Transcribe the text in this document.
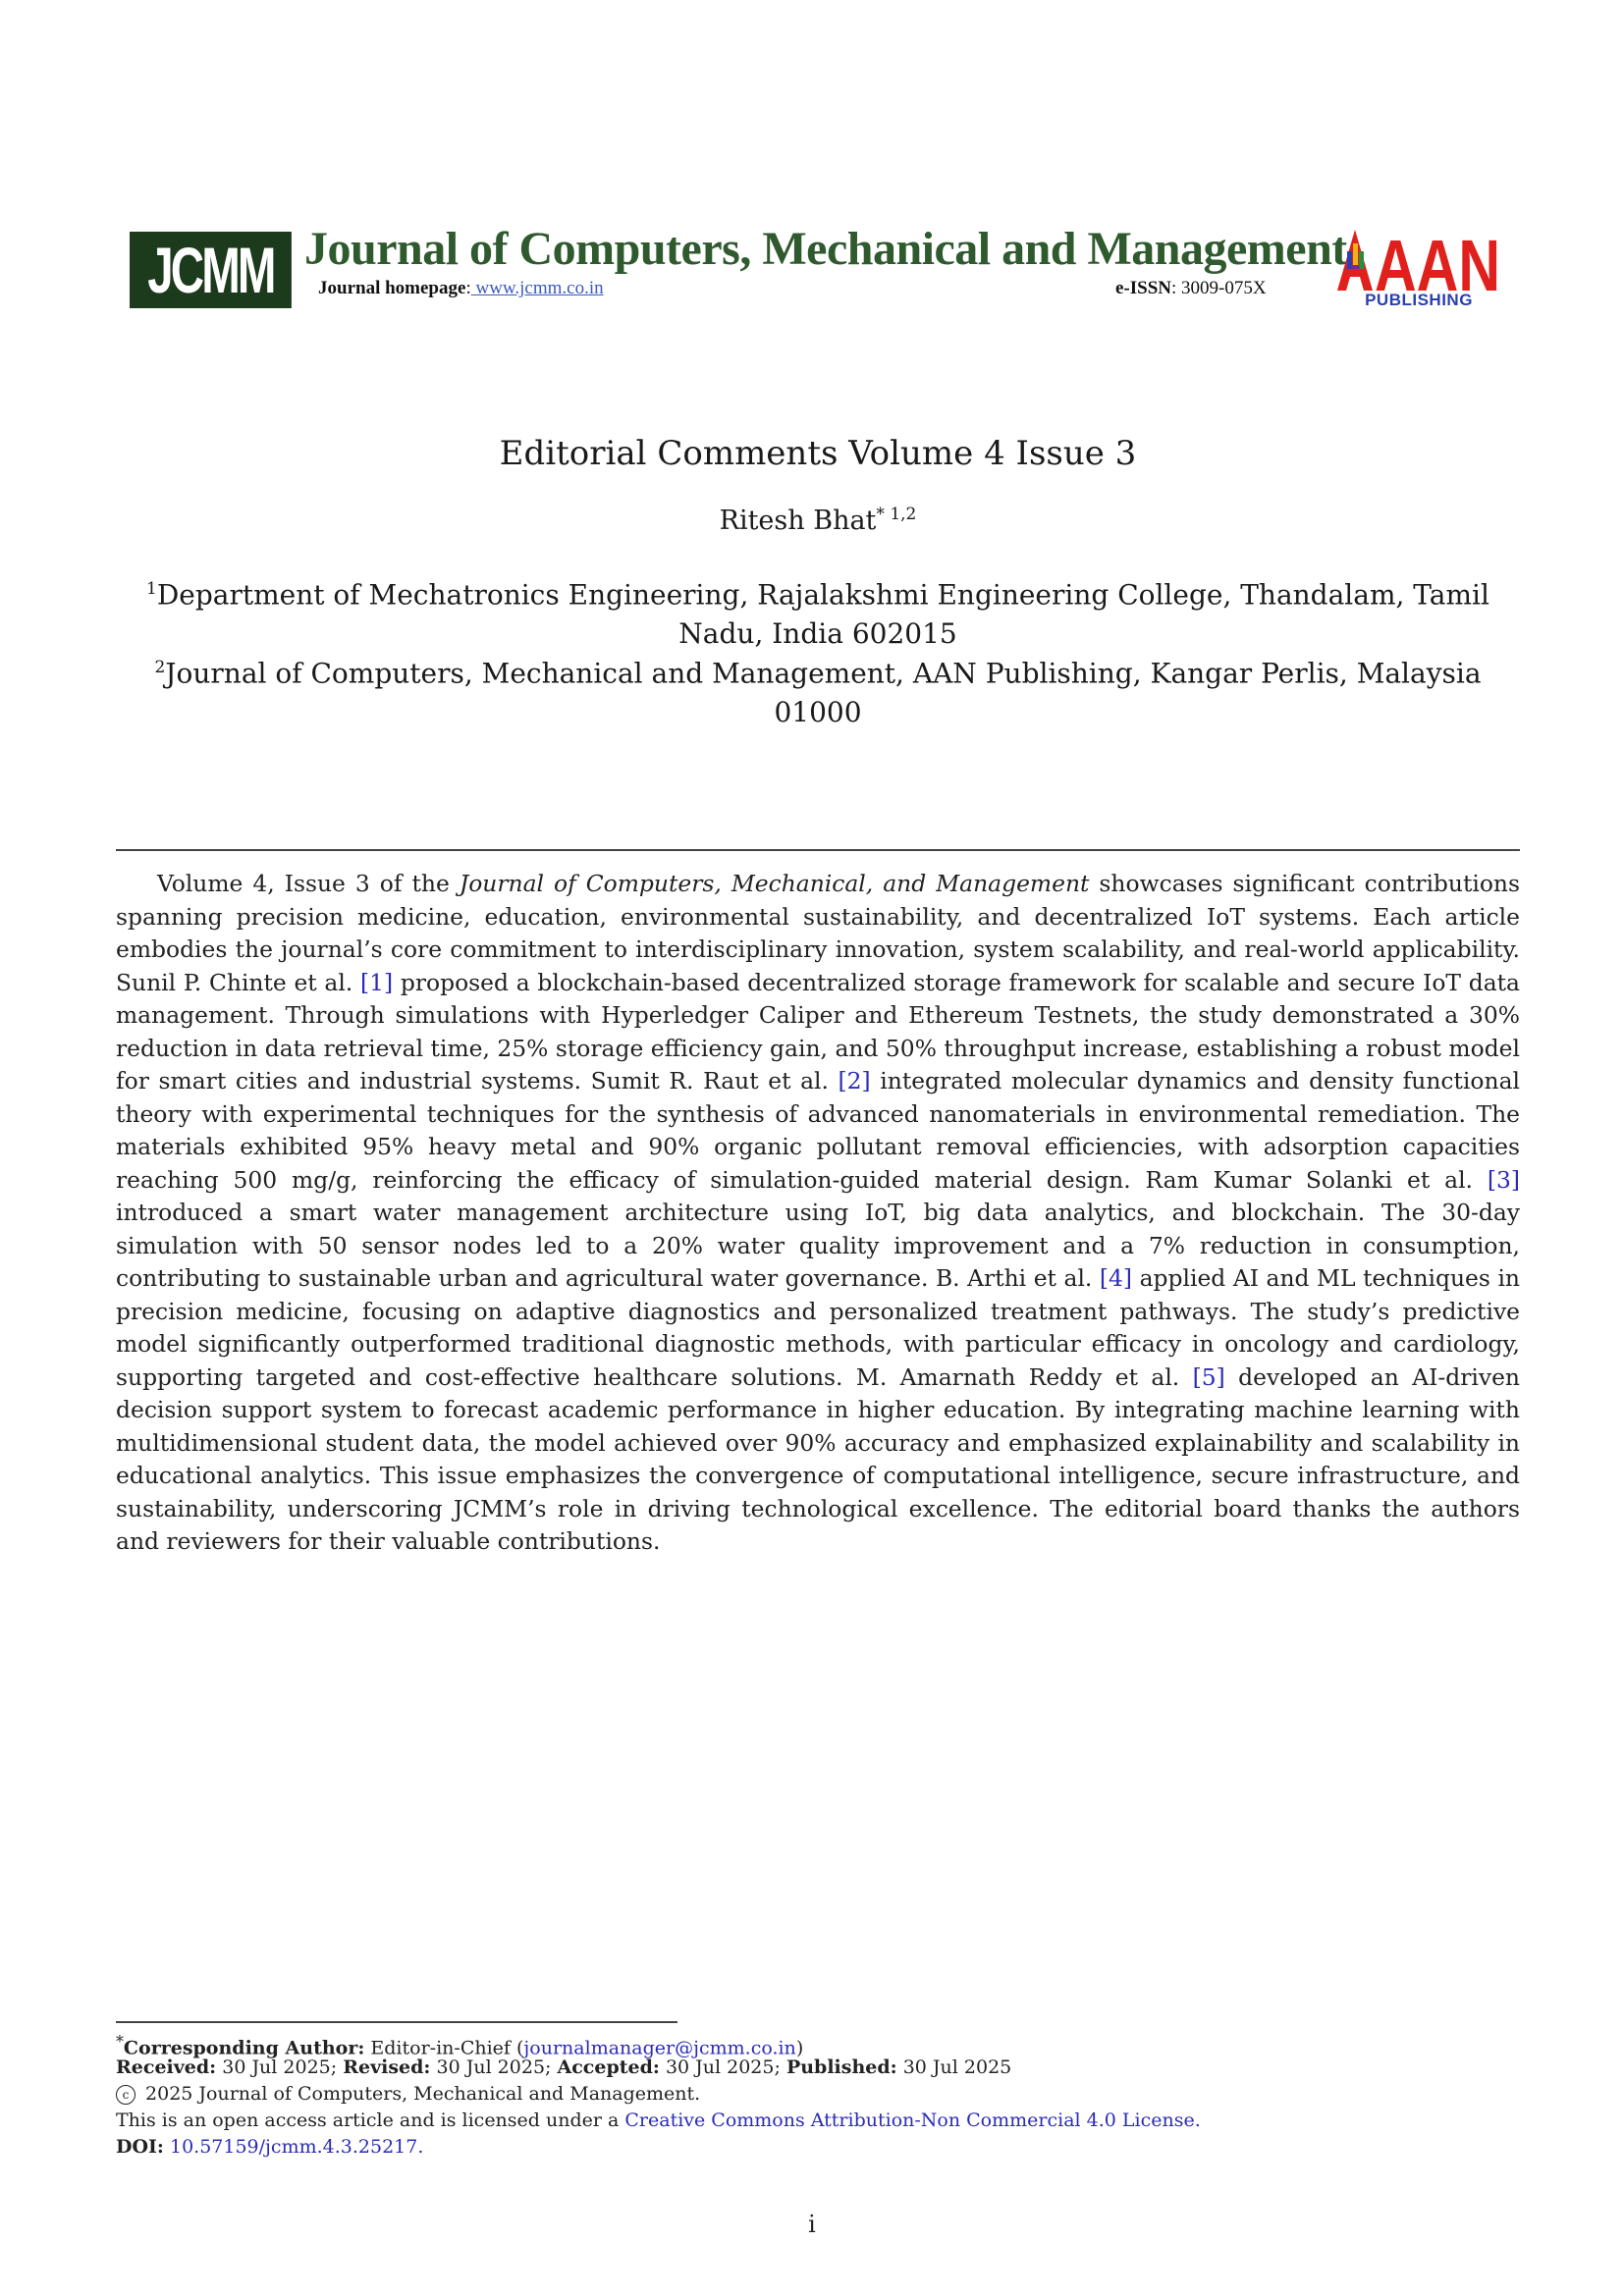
JCMM Journal of Computers, Mechanical and Management
Journal homepage: www.jcmm.co.in	e-ISSN: 3009-075X AAN
PUBLISHING
Editorial Comments Volume 4 Issue 3
Ritesh Bhat$^{* 1,2}$
$^1$Department of Mechatronics Engineering, Rajalakshmi Engineering College, Thandalam, Tamil Nadu, India 602015
$^2$Journal of Computers, Mechanical and Management, AAN Publishing, Kangar Perlis, Malaysia 01000

Volume 4, Issue 3 of the Journal of Computers, Mechanical, and Management showcases significant contributions spanning precision medicine, education, environmental sustainability, and decentralized IoT systems. Each article embodies the journal’s core commitment to interdisciplinary innovation, system scalability, and real-world applicability. Sunil P. Chinte et al. [1] proposed a blockchain-based decentralized storage framework for scalable and secure IoT data management. Through simulations with Hyperledger Caliper and Ethereum Testnets, the study demonstrated a 30% reduction in data retrieval time, 25% storage efficiency gain, and 50% throughput increase, establishing a robust model for smart cities and industrial systems. Sumit R. Raut et al. [2] integrated molecular dynamics and density functional theory with experimental techniques for the synthesis of advanced nanomaterials in environmental remediation. The materials exhibited 95% heavy metal and 90% organic pollutant removal efficiencies, with adsorption capacities reaching 500 mg/g, reinforcing the efficacy of simulation-guided material design. Ram Kumar Solanki et al. [3] introduced a smart water management architecture using IoT, big data analytics, and blockchain. The 30-day simulation with 50 sensor nodes led to a 20% water quality improvement and a 7% reduction in consumption, contributing to sustainable urban and agricultural water governance. B. Arthi et al. [4] applied AI and ML techniques in precision medicine, focusing on adaptive diagnostics and personalized treatment pathways. The study’s predictive model significantly outperformed traditional diagnostic methods, with particular efficacy in oncology and cardiology, supporting targeted and cost-effective healthcare solutions. M. Amarnath Reddy et al. [5] developed an AI-driven decision support system to forecast academic performance in higher education. By integrating machine learning with multidimensional student data, the model achieved over 90% accuracy and emphasized explainability and scalability in educational analytics. This issue emphasizes the convergence of computational intelligence, secure infrastructure, and sustainability, underscoring JCMM’s role in driving technological excellence. The editorial board thanks the authors and reviewers for their valuable contributions.

*Corresponding Author: Editor-in-Chief (journalmanager@jcmm.co.in)
Received: 30 Jul 2025; Revised: 30 Jul 2025; Accepted: 30 Jul 2025; Published: 30 Jul 2025
c 2025 Journal of Computers, Mechanical and Management.
This is an open access article and is licensed under a Creative Commons Attribution-Non Commercial 4.0 License.
DOI: 10.57159/jcmm.4.3.25217.
i
